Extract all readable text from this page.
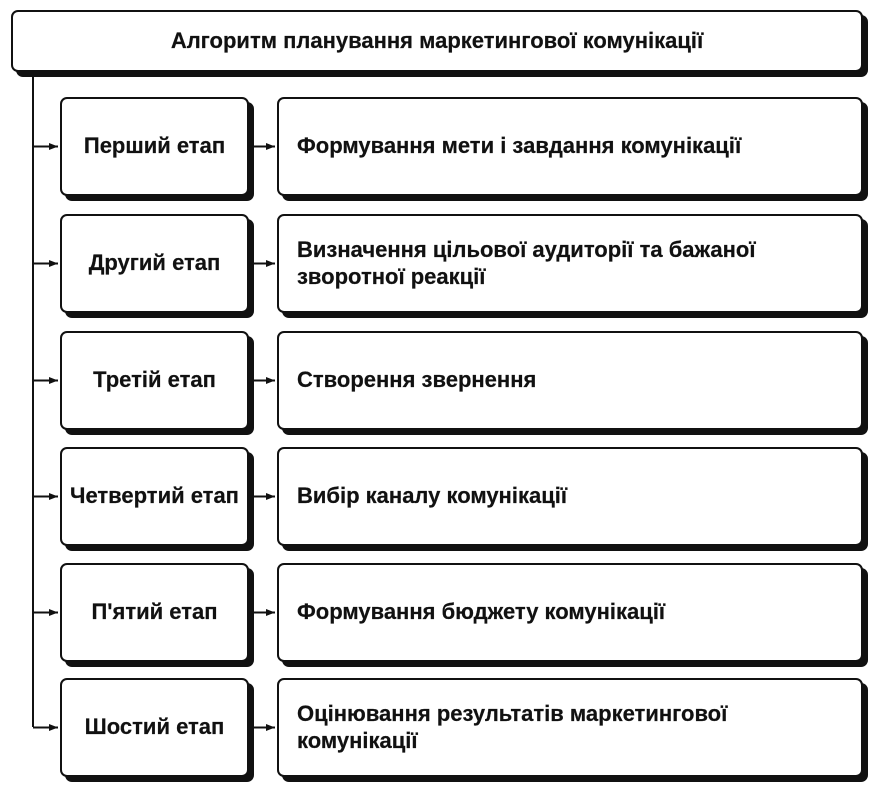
Алгоритм планування маркетингової комунікації
Перший етап	Формування мети і завдання комунікації
Другий етап
Визначення цільової аудиторії та бажаної зворотної реакції
Третій етап	Створення звернення
Четвертий етап	Вибір каналу комунікації
П'ятий етап	Формування бюджету комунікації
Шостий етап
Оцінювання результатів маркетингової комунікації
